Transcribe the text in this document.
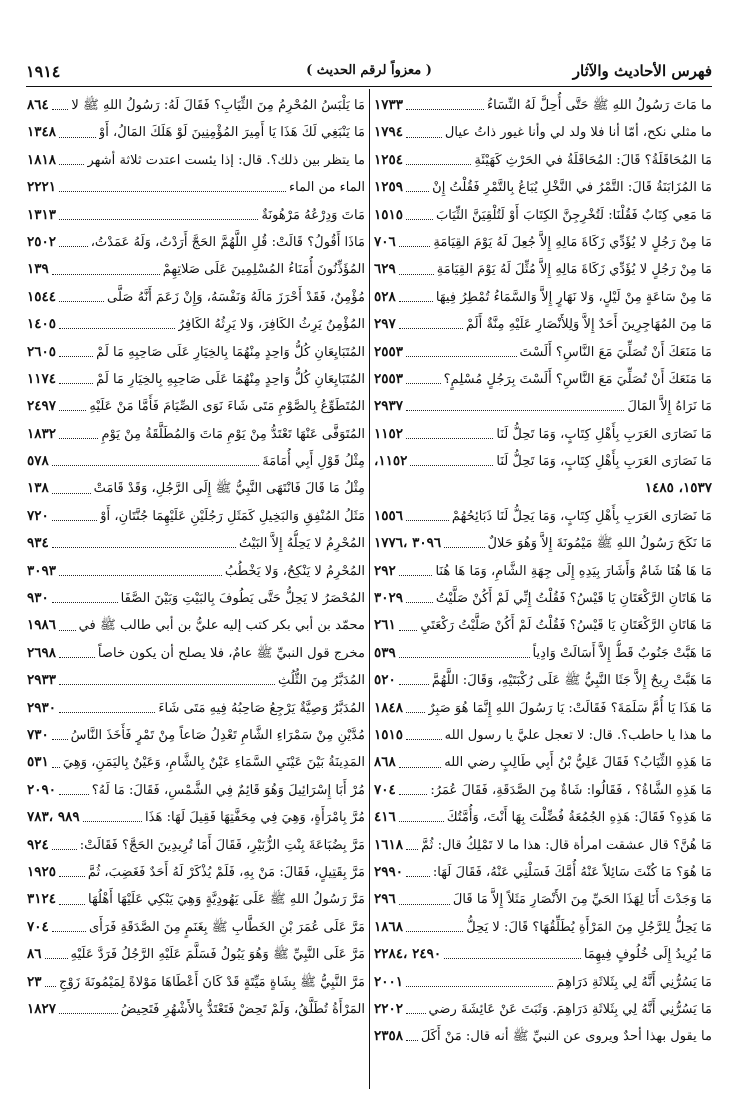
فهرس الأحاديث والآثار
( معزواً لرقم الحديث )
١٩١٤
ما مَاتَ رَسُولُ اللهِ ﷺ حَتَّى أُحِلَّ لَهُ النِّسَاءُ
١٧٣٣
ما مثلي نكح، أمّا أنا فلا ولد لي وأنا غيور ذاتُ عيال
١٧٩٤
مَا المُحَاقَلَةُ؟ قَالَ: المُحَاقَلَةُ في الحَرْثِ كَهَيْئَةِ
١٢٥٤
مَا المُزَابَنَةُ قَالَ: التَّمْرُ في النَّخْلِ يُبَاعُ بِالتَّمْرِ فَقُلْتُ إِنْ
١٢٥٩
مَا مَعِي كِتَابٌ فَقُلْنَا: لَتُخْرِجِنَّ الكِتَابَ أَوْ لَتُلْقِيَنَّ الثِّيَابَ
١٥١٥
مَا مِنْ رَجُلٍ لا يُؤَدِّي زَكَاةَ مَالِهِ إِلاَّ جُعِلَ لَهُ يَوْمَ القِيَامَةِ
٧٠٦
مَا مِنْ رَجُلٍ لا يُؤَدِّي زَكَاةَ مَالِهِ إِلاَّ مُثِّلَ لَهُ يَوْمَ القِيَامَةِ
٦٢٩
مَا مِنْ سَاعَةٍ مِنْ لَيْلٍ، وَلا نَهَارٍ إِلاَّ وَالسَّمَاءُ تُمْطِرُ فِيهَا
٥٢٨
مَا مِنَ المُهَاجِرِينَ أَحَدٌ إِلاَّ وَلِلأَنْصَارِ عَلَيْهِ مِنَّةٌ أَلَمْ
٢٩٧
مَا مَنَعَكَ أَنْ تُصَلِّيَ مَعَ النَّاسِ؟ أَلَسْتَ
٢٥٥٣
مَا مَنَعَكَ أَنْ تُصَلِّيَ مَعَ النَّاسِ؟ أَلَسْتَ بِرَجُلٍ مُسْلِمٍ؟
٢٥٥٣
مَا نَرَاهُ إِلاَّ المَالَ
٢٩٣٧
مَا نَصَارَى العَرَبِ بِأَهْلِ كِتَابٍ، وَمَا تَحِلُّ لَنَا
١١٥٢
مَا نَصَارَى العَرَبِ بِأَهْلِ كِتَابٍ، وَمَا تَحِلُّ لَنَا
١١٥٢،
١٥٣٧، ١٤٨٥
مَا نَصَارَى العَرَبِ بِأَهْلِ كِتَابٍ، وَمَا يَحِلُّ لَنَا ذَبَائِحُهُمْ
١٥٥٦
مَا نَكَحَ رَسُولُ اللهِ ﷺ مَيْمُونَةَ إِلاَّ وَهُوَ حَلالٌ
٣٠٩٦ ،١٧٧٦
مَا هَا هُنَا شَامٌ وَأَشَارَ بِيَدِهِ إِلَى جِهَةِ الشَّامِ، وَمَا هَا هُنَا
٢٩٢
مَا هَاتَانِ الرَّكْعَتَانِ يَا قَيْسُ؟ فَقُلْتُ إِنِّي لَمْ أَكُنْ صَلَّيْتُ
٣٠٢٩
مَا هَاتَانِ الرَّكْعَتَانِ يَا قَيْسُ؟ فَقُلْتُ لَمْ أَكُنْ صَلَّيْتُ رَكْعَتَيِ
٢٦١
مَا هَبَّتْ جَنُوبٌ قَطُّ إِلاَّ أَسَالَتْ وَادِياً
٥٣٩
مَا هَبَّتْ رِيحٌ إِلاَّ جَثَا النَّبِيُّ ﷺ عَلَى رُكْبَتَيْهِ، وَقَالَ: اللَّهُمَّ
٥٢٠
مَا هَذَا يَا أُمَّ سَلَمَةَ؟ فَقَالَتْ: يَا رَسُولَ اللهِ إِنَّمَا هُوَ صَبِرٌ
١٨٤٨
ما هذا يا حاطب؟. قال: لا تعجل عليَّ يا رسول الله
١٥١٥
مَا هَذِهِ الثِّيَابُ؟ فَقَالَ عَلِيُّ بْنُ أَبِي طَالِبٍ رضي الله
٨٦٨
مَا هَذِهِ الشَّاةُ؟ ، فَقَالُوا: شَاةٌ مِنَ الصَّدَقَةِ، فَقَالَ عُمَرُ:
٧٠٤
مَا هَذِهِ؟ فَقَالَ: هَذِهِ الجُمُعَةُ فُضِّلْتَ بِهَا أَنْتَ، وَأُمَّتُكَ
٤١٦
مَا هُنَّ؟ قال عشقت امرأة قال: هذا ما لا تَمْلِكُ قال: ثُمَّ
١٦١٨
مَا هُوَ؟ مَا كُنْتَ سَائِلاً عَنْهُ أُمَّكَ فَسَلْنِي عَنْهُ، فَقَالَ لَهَا:
٢٩٩٠
مَا وَجَدْتَ أَنَا لِهَذَا الحَيِّ مِنَ الأَنْصَارِ مَثَلاً إِلاَّ مَا قَالَ
٢٩٦
مَا يَحِلُّ لِلرَّجُلِ مِنَ المَرْأَةِ يُطَلِّقُهَا؟ قَالَ: لا يَحِلُّ
١٨٦٨
مَا يُرِيدُ إِلَى خُلُوفٍ فِيهِمَا
٢٤٩٠ ،٢٢٨٤
مَا يَسُرُّنِي أَنَّهُ لِي بِثَلاثَةِ دَرَاهِمَ
٢٠٠١
مَا يَسُرُّنِي أَنَّهُ لِي بِثَلاثَةِ دَرَاهِمَ. وَثَبَتَ عَنْ عَائِشَةَ رضي
٢٢٠٢
ما يقول بهذا أحدٌ ويروى عن النبيِّ ﷺ أنه قال: مَنْ أَكَلَ
٢٣٥٨
مَا يَلْبَسُ المُحْرِمُ مِنَ الثِّيَابِ؟ فَقَالَ لَهُ: رَسُولُ اللهِ ﷺ لا
٨٦٤
مَا يَنْبَغِي لَكَ هَذَا يَا أَمِيرَ المُؤْمِنِينَ لَوْ هَلَكَ المَالُ، أَوْ
١٣٤٨
ما يتظر بين ذلك؟. قال: إذا يئست اعتدت ثلاثة أشهر
١٨١٨
الماء من الماء
٢٢٢١
مَاتَ وَدِرْعُهُ مَرْهُونَةٌ
١٣١٣
مَاذَا أَقُولُ؟ قَالَتْ: قُلِ اللَّهُمَّ الحَجَّ أَرَدْتُ، وَلَهُ عَمَدْتُ،
٢٥٠٢
المُؤَذِّنُونَ أُمَنَاءُ المُسْلِمِينَ عَلَى صَلاتِهِمْ
١٣٩
مُؤْمِنٌ، فَقَدْ أَحْرَزَ مَالَهُ وَنَفْسَهُ، وَإِنْ زَعَمَ أَنَّهُ صَلَّى
١٥٤٤
المُؤْمِنُ يَرِثُ الكَافِرَ، وَلا يَرِثُهُ الكَافِرُ
١٤٠٥
المُتَبَايِعَانِ كُلُّ وَاحِدٍ مِنْهُمَا بِالخِيَارِ عَلَى صَاحِبِهِ مَا لَمْ
٢٦٠٥
المُتَبَايِعَانِ كُلُّ وَاحِدٍ مِنْهُمَا عَلَى صَاحِبِهِ بِالخِيَارِ مَا لَمْ
١١٧٤
المُتَطَوِّعُ بِالصَّوْمِ مَتَى شَاءَ نَوَى الصِّيَامَ فَأَمَّا مَنْ عَلَيْهِ
٢٤٩٧
المُتَوَفَّى عَنْهَا تَعْتَدُّ مِنْ يَوْمِ مَاتَ وَالمُطَلَّقَةُ مِنْ يَوْمِ
١٨٣٢
مِثْلُ قَوْلِ أَبِي أُمَامَةَ
٥٧٨
مِثْلُ مَا قَالَ فَانْتَهَى النَّبِيُّ ﷺ إِلَى الرَّجُلِ، وَقَدْ قَامَتْ
١٣٨
مَثَلُ المُنْفِقِ وَالبَخِيلِ كَمَثَلِ رَجُلَيْنِ عَلَيْهِمَا جُنَّتَانِ، أَوْ
٧٢٠
المُحْرِمُ لا يَحِلُّهُ إِلاَّ البَيْتُ
٩٣٤
المُحْرِمُ لا يَنْكِحُ، وَلا يَخْطُبُ
٣٠٩٣
المُحْصَرُ لا يَحِلُّ حَتَّى يَطُوفَ بِالبَيْتِ وَبَيْنَ الصَّفَا
٩٣٠
محمّد بن أبي بكر كتب إليه عليُّ بن أبي طالب ﷺ في
١٩٨٦
مخرج قول النبيِّ ﷺ عامٌ، فلا يصلح أن يكون خاصاً
٢٦٩٨
المُدَبَّرُ مِنَ الثُّلُثِ
٢٩٣٣
المُدَبَّرُ وَصِيَّةٌ يَرْجِعُ صَاحِبُهُ فِيهِ مَتَى شَاءَ
٢٩٣٠
مُدَّيْنِ مِنْ سَمْرَاءِ الشَّامِ تَعْدِلُ صَاعاً مِنْ تَمْرٍ فَأَخَذَ النَّاسُ
٧٣٠
المَدِينَةُ بَيْنَ عَيْنَيِ السَّمَاءِ عَيْنٌ بِالشَّامِ، وَعَيْنٌ بِاليَمَنِ، وَهِيَ
٥٣١
مُرْ أَبَا إِسْرَائِيلَ وَهُوَ قَائِمٌ فِي الشَّمْسِ، فَقَالَ: مَا لَهُ؟
٢٠٩٠
مُرَّ بِامْرَأَةٍ، وَهِيَ فِي مِحَفَّتِهَا فَقِيلَ لَهَا: هَذَا
٩٨٩ ،٧٨٣
مَرَّ بِضُبَاعَةَ بِنْتِ الزُّبَيْرِ، فَقَالَ أَمَا تُرِيدِينَ الحَجَّ؟ فَقَالَتْ:
٩٢٤
مَرَّ بِقَتِيلٍ، فَقَالَ: مَنْ بِهِ، فَلَمْ يُذْكَرْ لَهُ أَحَدٌ فَغَضِبَ، ثُمَّ
١٩٢٥
مَرَّ رَسُولُ اللهِ ﷺ عَلَى يَهُودِيَّةٍ وَهِيَ يَبْكِي عَلَيْهَا أَهْلُهَا
٣١٢٤
مَرَّ عَلَى عُمَرَ بْنِ الخَطَّابِ ﷺ بِغَنَمٍ مِنَ الصَّدَقَةِ فَرَأَى
٧٠٤
مَرَّ عَلَى النَّبِيِّ ﷺ وَهُوَ يَبُولُ فَسَلَّمَ عَلَيْهِ الرَّجُلُ فَرَدَّ عَلَيْهِ
٨٦
مَرَّ النَّبِيُّ ﷺ بِشَاةٍ مَيِّتَةٍ قَدْ كَانَ أَعْطَاهَا مَوْلاةً لِمَيْمُونَةَ زَوْجِ
٢٣
المَرْأَةُ تُطَلَّقُ، وَلَمْ تَحِضْ فَتَعْتَدُّ بِالأَشْهُرِ فَتَحِيضُ
١٨٢٧
